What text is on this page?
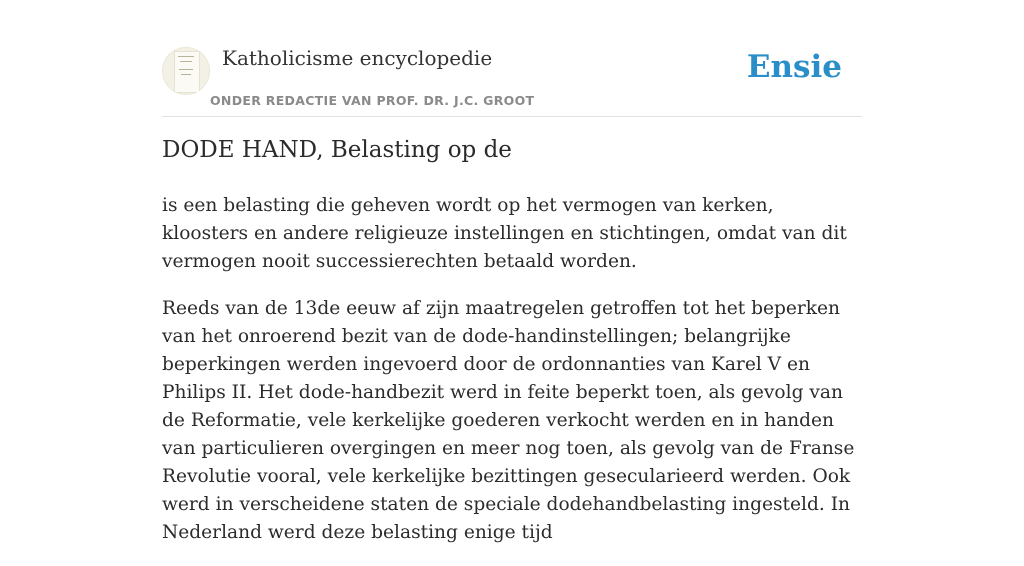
Katholicisme encyclopedie
ONDER REDACTIE VAN PROF. DR. J.C. GROOT
Ensie
DODE HAND, Belasting op de

is een belasting die geheven wordt op het vermogen van kerken, kloosters en andere religieuze instellingen en stichtingen, omdat van dit vermogen nooit successierechten betaald worden.

Reeds van de 13de eeuw af zijn maatregelen getroffen tot het beperken van het onroerend bezit van de dode-handinstellingen; belangrijke beperkingen werden ingevoerd door de ordonnanties van Karel V en Philips II. Het dode-handbezit werd in feite beperkt toen, als gevolg van de Reformatie, vele kerkelijke goederen verkocht werden en in handen van particulieren overgingen en meer nog toen, als gevolg van de Franse Revolutie vooral, vele kerkelijke bezittingen gesecularieerd werden. Ook werd in verscheidene staten de speciale dodehandbelasting ingesteld. In Nederland werd deze belasting enige tijd
